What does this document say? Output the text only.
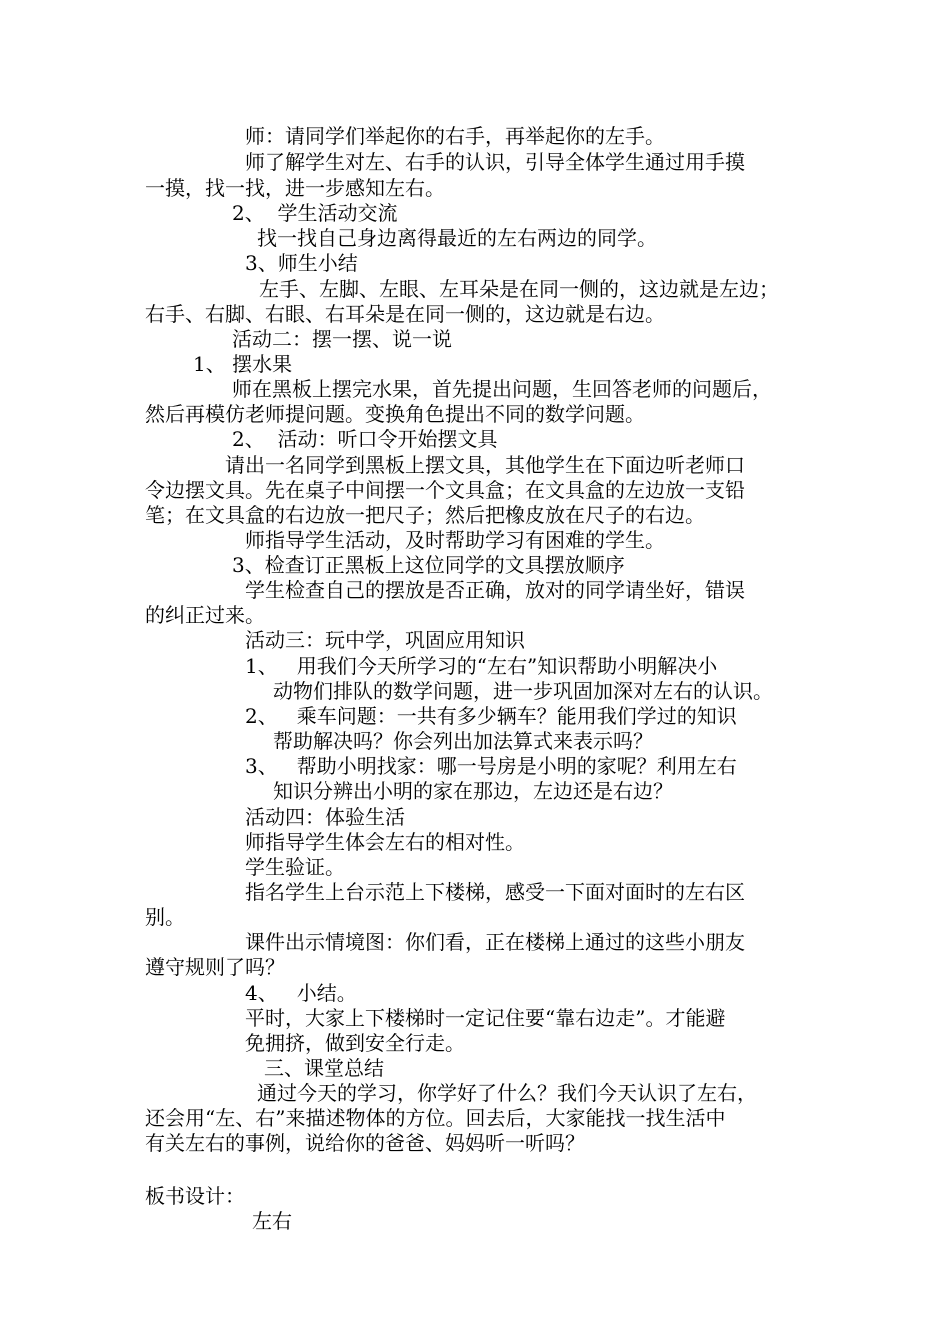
师：请同学们举起你的右手，再举起你的左手。
师了解学生对左、右手的认识，引导全体学生通过用手摸
一摸，找一找，进一步感知左右。
2、  学生活动交流
找一找自己身边离得最近的左右两边的同学。
3、师生小结
左手、左脚、左眼、左耳朵是在同一侧的，这边就是左边；
右手、右脚、右眼、右耳朵是在同一侧的，这边就是右边。
活动二：摆一摆、说一说
1、 摆水果
师在黑板上摆完水果，首先提出问题，生回答老师的问题后，
然后再模仿老师提问题。变换角色提出不同的数学问题。
2、  活动：听口令开始摆文具
请出一名同学到黑板上摆文具，其他学生在下面边听老师口
令边摆文具。先在桌子中间摆一个文具盒；在文具盒的左边放一支铅
笔；在文具盒的右边放一把尺子；然后把橡皮放在尺子的右边。
师指导学生活动，及时帮助学习有困难的学生。
3、检查订正黑板上这位同学的文具摆放顺序
学生检查自己的摆放是否正确，放对的同学请坐好，错误
的纠正过来。
活动三：玩中学，巩固应用知识
1、   用我们今天所学习的“左右”知识帮助小明解决小
动物们排队的数学问题，进一步巩固加深对左右的认识。
2、   乘车问题：一共有多少辆车？能用我们学过的知识
帮助解决吗？你会列出加法算式来表示吗？
3、   帮助小明找家：哪一号房是小明的家呢？利用左右
知识分辨出小明的家在那边，左边还是右边？
活动四：体验生活
师指导学生体会左右的相对性。
学生验证。
指名学生上台示范上下楼梯，感受一下面对面时的左右区
别。
课件出示情境图：你们看，正在楼梯上通过的这些小朋友
遵守规则了吗？
4、   小结。
平时，大家上下楼梯时一定记住要“靠右边走”。才能避
免拥挤，做到安全行走。
三、课堂总结
通过今天的学习，你学好了什么？我们今天认识了左右，
还会用“左、右”来描述物体的方位。回去后，大家能找一找生活中
有关左右的事例，说给你的爸爸、妈妈听一听吗？
板书设计：
左右
